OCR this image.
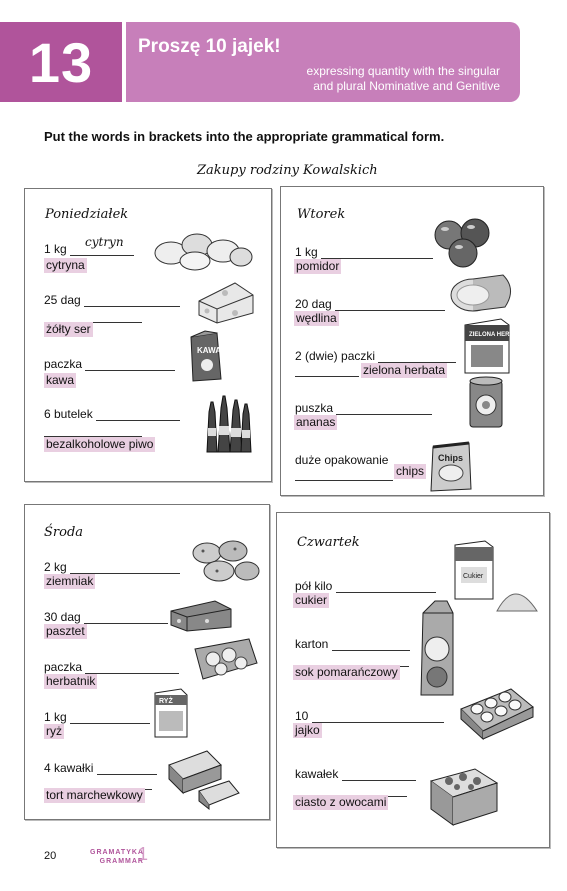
13	Proszę 10 jajek!
expressing quantity with the singular
and plural Nominative and Genitive
Put the words in brackets into the appropriate grammatical form.
Zakupy rodziny Kowalskich
Poniedziałek
1 kg	cytryn
cytryna
25 dag
żółty ser
paczka
kawa
6 butelek
bezalkoholowe piwo
KAWA
Wtorek
1 kg
pomidor
20 dag
wędlina
2 (dwie) paczki
zielona herbata
puszka
ananas
duże opakowanie
chips
ZIELONA HERBATA
Chips
Środa
2 kg
ziemniak
30 dag
pasztet
paczka
herbatnik
1 kg
ryż
4 kawałki
tort marchewkowy
RYŻ
Czwartek
pół kilo
cukier
karton
sok pomarańczowy
10
jajko
kawałek
ciasto z owocami
Cukier
20	GRAMATYKA
GRAMMAR
1
